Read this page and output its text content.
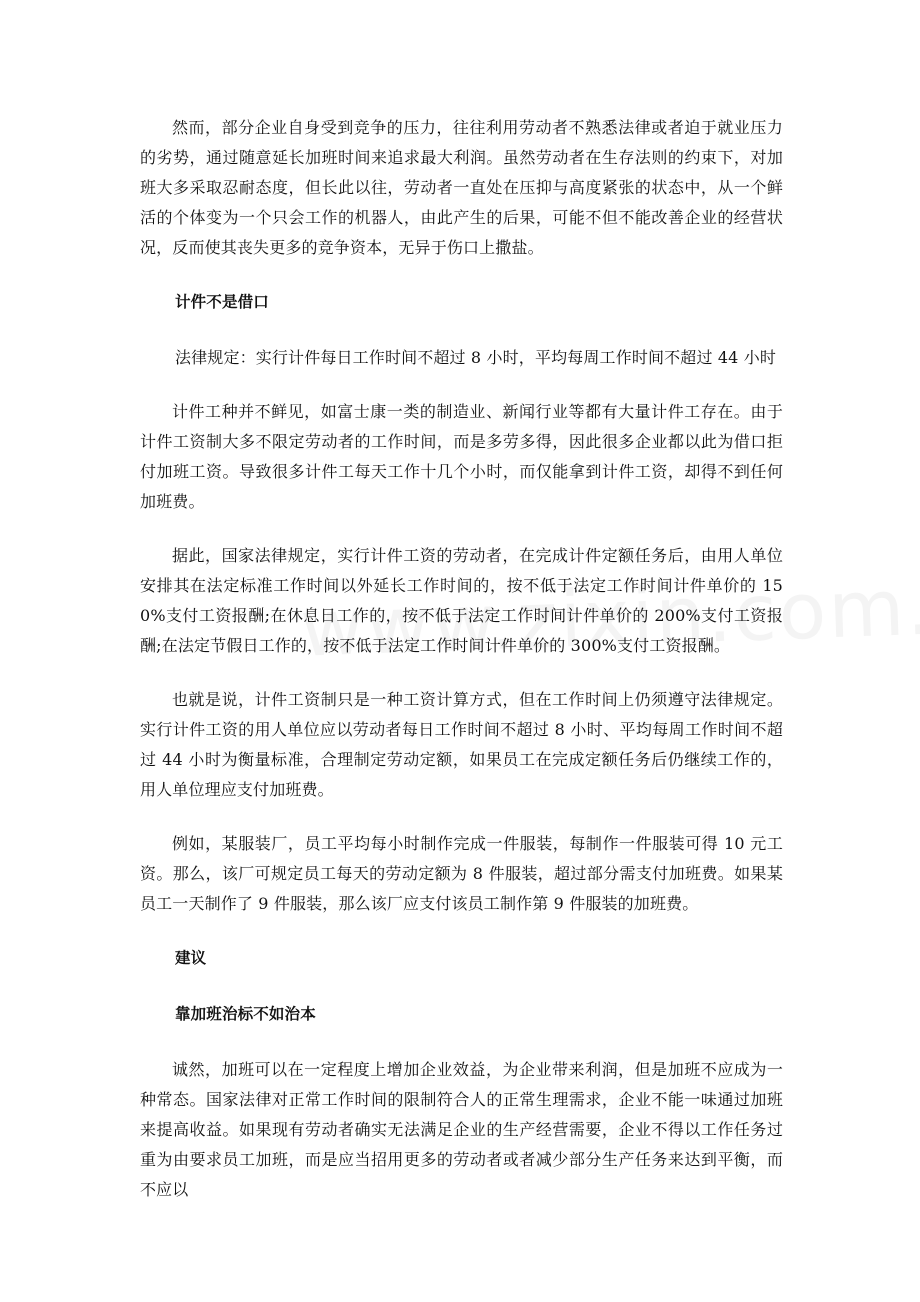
然而，部分企业自身受到竞争的压力，往往利用劳动者不熟悉法律或者迫于就业压力的劣势，通过随意延长加班时间来追求最大利润。虽然劳动者在生存法则的约束下，对加班大多采取忍耐态度，但长此以往，劳动者一直处在压抑与高度紧张的状态中，从一个鲜活的个体变为一个只会工作的机器人，由此产生的后果，可能不但不能改善企业的经营状况，反而使其丧失更多的竞争资本，无异于伤口上撒盐。

计件不是借口

法律规定：实行计件每日工作时间不超过 8 小时，平均每周工作时间不超过 44 小时

计件工种并不鲜见，如富士康一类的制造业、新闻行业等都有大量计件工存在。由于计件工资制大多不限定劳动者的工作时间，而是多劳多得，因此很多企业都以此为借口拒付加班工资。导致很多计件工每天工作十几个小时，而仅能拿到计件工资，却得不到任何加班费。

据此，国家法律规定，实行计件工资的劳动者，在完成计件定额任务后，由用人单位安排其在法定标准工作时间以外延长工作时间的，按不低于法定工作时间计件单价的 150%支付工资报酬;在休息日工作的，按不低于法定工作时间计件单价的 200%支付工资报酬;在法定节假日工作的，按不低于法定工作时间计件单价的 300%支付工资报酬。

也就是说，计件工资制只是一种工资计算方式，但在工作时间上仍须遵守法律规定。实行计件工资的用人单位应以劳动者每日工作时间不超过 8 小时、平均每周工作时间不超过 44 小时为衡量标准，合理制定劳动定额，如果员工在完成定额任务后仍继续工作的，用人单位理应支付加班费。

例如，某服装厂，员工平均每小时制作完成一件服装，每制作一件服装可得 10 元工资。那么，该厂可规定员工每天的劳动定额为 8 件服装，超过部分需支付加班费。如果某员工一天制作了 9 件服装，那么该厂应支付该员工制作第 9 件服装的加班费。

建议

靠加班治标不如治本

诚然，加班可以在一定程度上增加企业效益，为企业带来利润，但是加班不应成为一种常态。国家法律对正常工作时间的限制符合人的正常生理需求，企业不能一味通过加班来提高收益。如果现有劳动者确实无法满足企业的生产经营需要，企业不得以工作任务过重为由要求员工加班，而是应当招用更多的劳动者或者减少部分生产任务来达到平衡，而不应以
